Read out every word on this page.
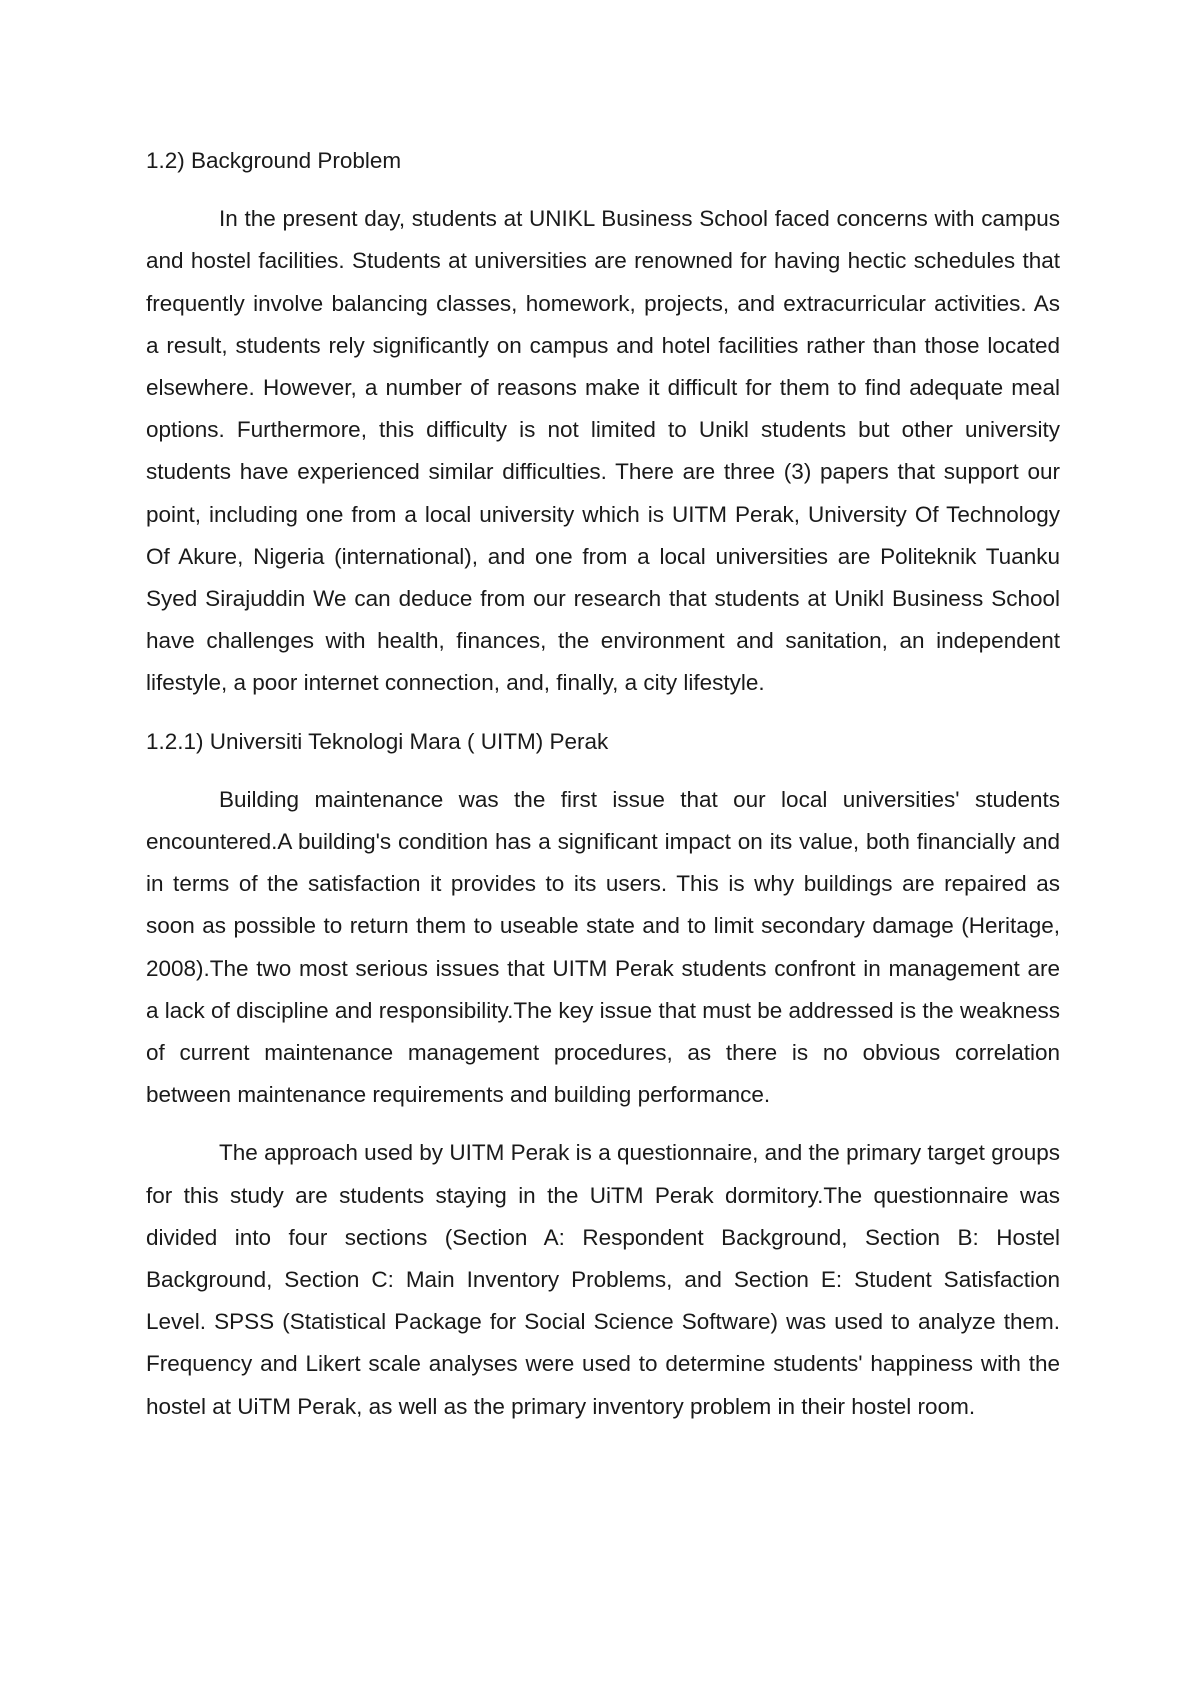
1.2) Background Problem

In the present day, students at UNIKL Business School faced concerns with campus and hostel facilities. Students at universities are renowned for having hectic schedules that frequently involve balancing classes, homework, projects, and extracurricular activities. As a result, students rely significantly on campus and hotel facilities rather than those located elsewhere. However, a number of reasons make it difficult for them to find adequate meal options. Furthermore, this difficulty is not limited to Unikl students but other university students have experienced similar difficulties. There are three (3) papers that support our point, including one from a local university which is UITM Perak, University Of Technology Of Akure, Nigeria (international), and one from a local universities are Politeknik Tuanku Syed Sirajuddin We can deduce from our research that students at Unikl Business School have challenges with health, finances, the environment and sanitation, an independent lifestyle, a poor internet connection, and, finally, a city lifestyle.

1.2.1) Universiti Teknologi Mara ( UITM) Perak

Building maintenance was the first issue that our local universities' students encountered.A building's condition has a significant impact on its value, both financially and in terms of the satisfaction it provides to its users. This is why buildings are repaired as soon as possible to return them to useable state and to limit secondary damage (Heritage, 2008).The two most serious issues that UITM Perak students confront in management are a lack of discipline and responsibility.The key issue that must be addressed is the weakness of current maintenance management procedures, as there is no obvious correlation between maintenance requirements and building performance.

The approach used by UITM Perak is a questionnaire, and the primary target groups for this study are students staying in the UiTM Perak dormitory.The questionnaire was divided into four sections (Section A: Respondent Background, Section B: Hostel Background, Section C: Main Inventory Problems, and Section E: Student Satisfaction Level. SPSS (Statistical Package for Social Science Software) was used to analyze them. Frequency and Likert scale analyses were used to determine students' happiness with the hostel at UiTM Perak, as well as the primary inventory problem in their hostel room.
